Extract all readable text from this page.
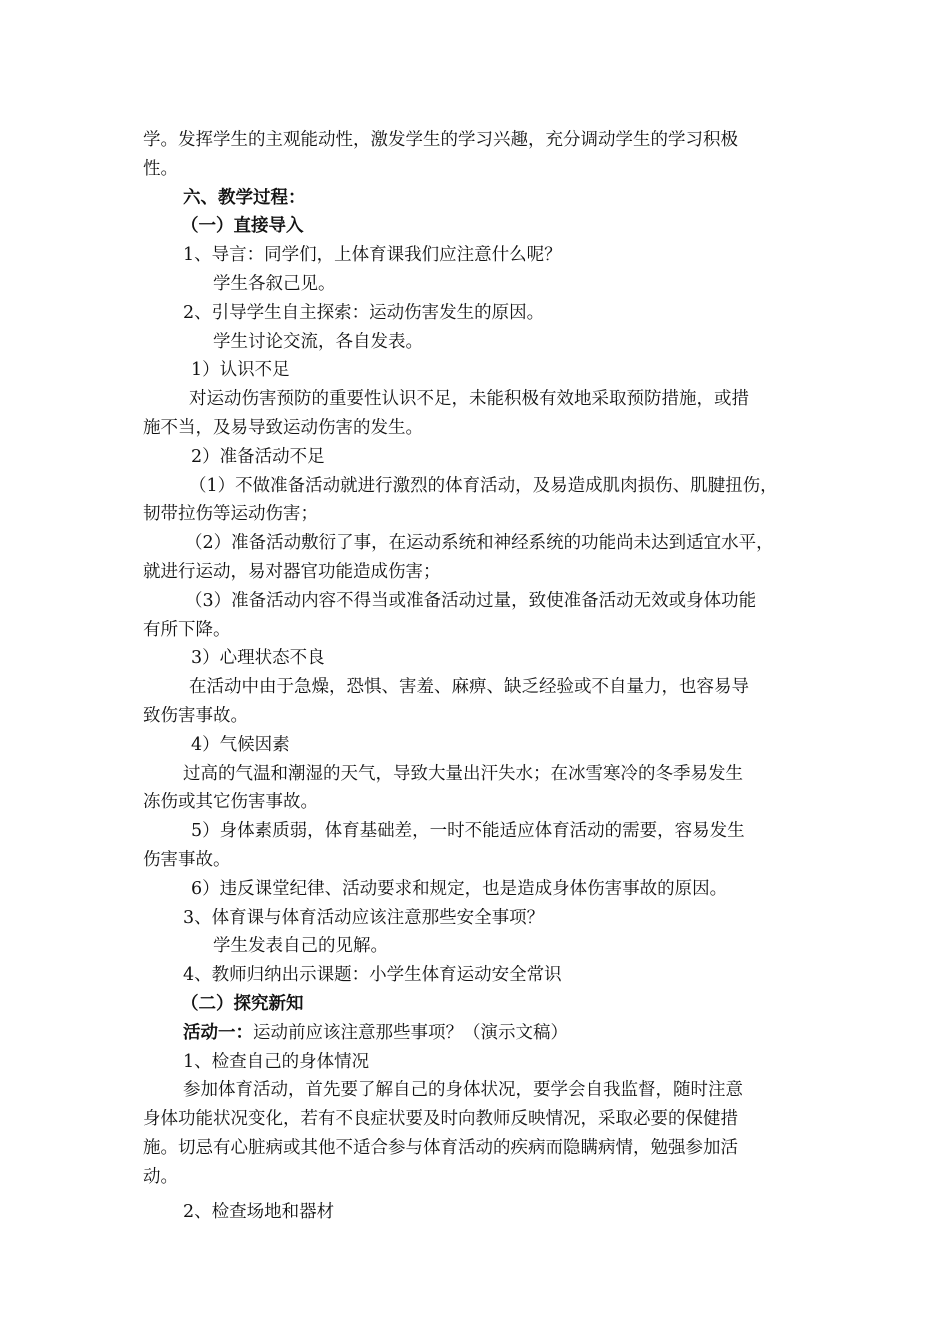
学。发挥学生的主观能动性，激发学生的学习兴趣，充分调动学生的学习积极

性。

六、教学过程：

（一）直接导入

1、导言：同学们，上体育课我们应注意什么呢？

学生各叙己见。

2、引导学生自主探索：运动伤害发生的原因。

学生讨论交流，各自发表。

1）认识不足

对运动伤害预防的重要性认识不足，未能积极有效地采取预防措施，或措

施不当，及易导致运动伤害的发生。

2）准备活动不足

（1）不做准备活动就进行激烈的体育活动，及易造成肌肉损伤、肌腱扭伤，

韧带拉伤等运动伤害；

（2）准备活动敷衍了事，在运动系统和神经系统的功能尚未达到适宜水平，

就进行运动，易对器官功能造成伤害；

（3）准备活动内容不得当或准备活动过量，致使准备活动无效或身体功能

有所下降。

3）心理状态不良

在活动中由于急燥，恐惧、害羞、麻痹、缺乏经验或不自量力，也容易导

致伤害事故。

4）气候因素

过高的气温和潮湿的天气，导致大量出汗失水；在冰雪寒冷的冬季易发生

冻伤或其它伤害事故。

5）身体素质弱，体育基础差，一时不能适应体育活动的需要，容易发生

伤害事故。

6）违反课堂纪律、活动要求和规定，也是造成身体伤害事故的原因。

3、体育课与体育活动应该注意那些安全事项？

学生发表自己的见解。

4、教师归纳出示课题：小学生体育运动安全常识

（二）探究新知

活动一：运动前应该注意那些事项？（演示文稿）

1、检查自己的身体情况

参加体育活动，首先要了解自己的身体状况，要学会自我监督，随时注意

身体功能状况变化，若有不良症状要及时向教师反映情况，采取必要的保健措

施。切忌有心脏病或其他不适合参与体育活动的疾病而隐瞒病情，勉强参加活

动。

2、检查场地和器材
